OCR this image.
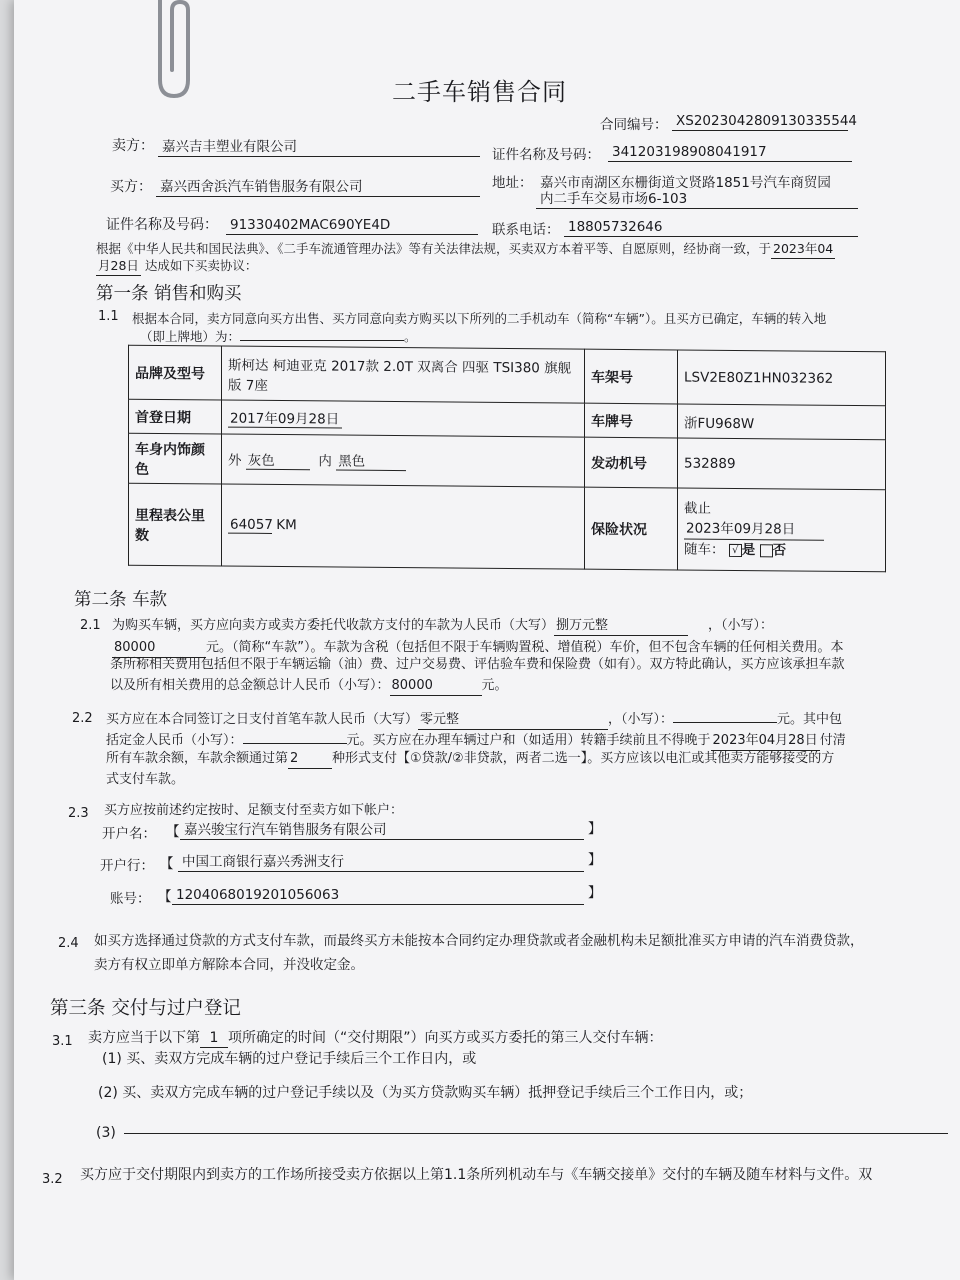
二手车销售合同
合同编号： XS2023042809130335544
卖方： 嘉兴吉丰塑业有限公司	证件名称及号码： 341203198908041917
买方： 嘉兴西舍浜汽车销售服务有限公司	地址： 嘉兴市南湖区东栅街道文贤路1851号汽车商贸园
内二手车交易市场6-103
证件名称及号码： 91330402MAC690YE4D	联系电话： 18805732646
根据《中华人民共和国民法典》、《二手车流通管理办法》等有关法律法规，买卖双方本着平等、自愿原则，经协商一致，于 2023年04
月28日 达成如下买卖协议：
第一条 销售和购买
1.1 根据本合同，卖方同意向买方出售、买方同意向卖方购买以下所列的二手机动车（简称“车辆”）。且买方已确定，车辆的转入地
（即上牌地）为：	。
品牌及型号	斯柯达 柯迪亚克 2017款 2.0T 双离合 四驱 TSI380 旗舰版 7座	车架号	LSV2E80Z1HN032362
首登日期	2017年09月28日	车牌号	浙FU968W
车身内饰颜色	外 灰色 内 黑色	发动机号	532889
里程表公里数	64057 KM	保险状况	截止
2023年09月28日
随车： √ 是 否
第二条 车款
2.1 为购买车辆，买方应向卖方或卖方委托代收款方支付的车款为人民币（大写） 捌万元整	，（小写）：
80000	元。（简称“车款”）。车款为含税（包括但不限于车辆购置税、增值税）车价，但不包含车辆的任何相关费用。本
条所称相关费用包括但不限于车辆运输（油）费、过户交易费、评估验车费和保险费（如有）。双方特此确认，买方应该承担车款
以及所有相关费用的总金额总计人民币（小写）： 80000	元。
2.2 买方应在本合同签订之日支付首笔车款人民币（大写） 零元整	，（小写）：	元。其中包
括定金人民币（小写）：	元。买方应在办理车辆过户和（如适用）转籍手续前且不得晚于 2023年04月28日 付清
所有车款余额，车款余额通过第 2	种形式支付【①贷款/②非贷款，两者二选一】。买方应该以电汇或其他卖方能够接受的方
式支付车款。
2.3 买方应按前述约定按时、足额支付至卖方如下帐户：
开户名： 【 嘉兴骏宝行汽车销售服务有限公司	】
开户行： 【 中国工商银行嘉兴秀洲支行	】
账号： 【 1204068019201056063	】
2.4 如买方选择通过贷款的方式支付车款，而最终买方未能按本合同约定办理贷款或者金融机构未足额批准买方申请的汽车消费贷款，
卖方有权立即单方解除本合同，并没收定金。
第三条 交付与过户登记
3.1 卖方应当于以下第 1 项所确定的时间（“交付期限”）向买方或买方委托的第三人交付车辆：
(1) 买、卖双方完成车辆的过户登记手续后三个工作日内，或
(2) 买、卖双方完成车辆的过户登记手续以及（为买方贷款购买车辆）抵押登记手续后三个工作日内，或；
(3)
3.2 买方应于交付期限内到卖方的工作场所接受卖方依据以上第1.1条所列机动车与《车辆交接单》交付的车辆及随车材料与文件。双
